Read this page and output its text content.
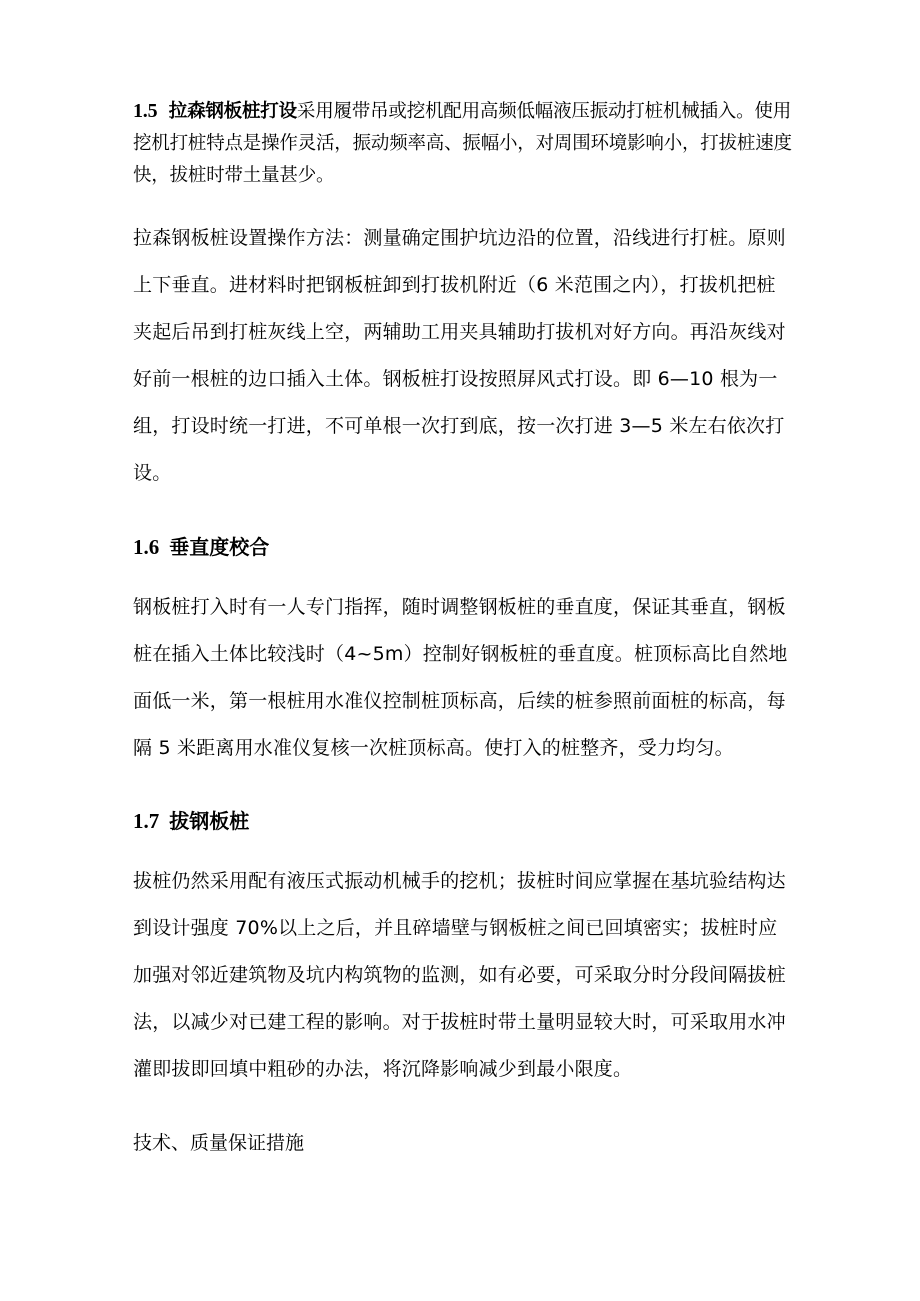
1.5 拉森钢板桩打设采用履带吊或挖机配用高频低幅液压振动打桩机械插入。使用挖机打桩特点是操作灵活，振动频率高、振幅小，对周围环境影响小，打拔桩速度快，拔桩时带土量甚少。

拉森钢板桩设置操作方法：测量确定围护坑边沿的位置，沿线进行打桩。原则上下垂直。进材料时把钢板桩卸到打拔机附近（6 米范围之内），打拔机把桩夹起后吊到打桩灰线上空，两辅助工用夹具辅助打拔机对好方向。再沿灰线对好前一根桩的边口插入土体。钢板桩打设按照屏风式打设。即 6—10 根为一组，打设时统一打进，不可单根一次打到底，按一次打进 3—5 米左右依次打设。

1.6 垂直度校合

钢板桩打入时有一人专门指挥，随时调整钢板桩的垂直度，保证其垂直，钢板桩在插入土体比较浅时（4~5m）控制好钢板桩的垂直度。桩顶标高比自然地面低一米，第一根桩用水准仪控制桩顶标高，后续的桩参照前面桩的标高，每隔 5 米距离用水准仪复核一次桩顶标高。使打入的桩整齐，受力均匀。

1.7 拔钢板桩

拔桩仍然采用配有液压式振动机械手的挖机；拔桩时间应掌握在基坑验结构达到设计强度 70%以上之后，并且碎墙壁与钢板桩之间已回填密实；拔桩时应加强对邻近建筑物及坑内构筑物的监测，如有必要，可采取分时分段间隔拔桩法，以减少对已建工程的影响。对于拔桩时带土量明显较大时，可采取用水冲灌即拔即回填中粗砂的办法，将沉降影响减少到最小限度。

技术、质量保证措施
